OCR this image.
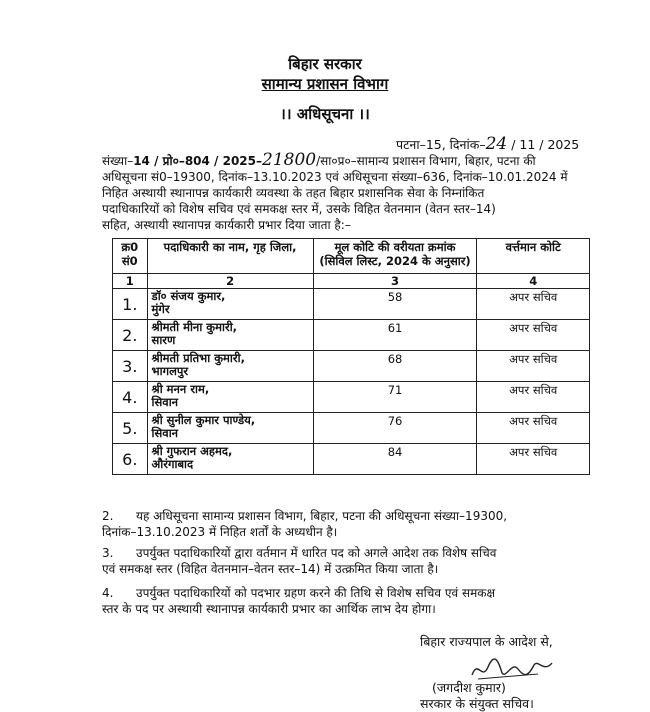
बिहार सरकार
सामान्य प्रशासन विभाग
।। अधिसूचना ।।
पटना–15, दिनांक–24 / 11 / 2025
संख्या–14 / प्रो०–804 / 2025–21800/सा०प्र०–सामान्य प्रशासन विभाग, बिहार, पटना की
अधिसूचना सं0–19300, दिनांक–13.10.2023 एवं अधिसूचना संख्या–636, दिनांक–10.01.2024 में
निहित अस्थायी स्थानापन्न कार्यकारी व्यवस्था के तहत बिहार प्रशासनिक सेवा के निम्नांकित
पदाधिकारियों को विशेष सचिव एवं समकक्ष स्तर में, उसके विहित वेतनमान (वेतन स्तर–14)
सहित, अस्थायी स्थानापन्न कार्यकारी प्रभार दिया जाता है:–
क्र0 सं0	पदाधिकारी का नाम, गृह जिला,	मूल कोटि की वरीयता क्रमांक (सिविल लिस्ट, 2024 के अनुसार)	वर्त्तमान कोटि
1	2	3	4
1.	डॉ० संजय कुमार,
मुंगेर	58	अपर सचिव
2.	श्रीमती मीना कुमारी,
सारण	61	अपर सचिव
3.	श्रीमती प्रतिभा कुमारी,
भागलपुर	68	अपर सचिव
4.	श्री मनन राम,
सिवान	71	अपर सचिव
5.	श्री सुनील कुमार पाण्डेय,
सिवान	76	अपर सचिव
6.	श्री गुफरान अहमद,
औरंगाबाद	84	अपर सचिव
2. यह अधिसूचना सामान्य प्रशासन विभाग, बिहार, पटना की अधिसूचना संख्या–19300,
दिनांक–13.10.2023 में निहित शर्तों के अध्यधीन है।
3. उपर्युक्त पदाधिकारियों द्वारा वर्तमान में धारित पद को अगले आदेश तक विशेष सचिव
एवं समकक्ष स्तर (विहित वेतनमान–वेतन स्तर–14) में उत्क्रमित किया जाता है।
4. उपर्युक्त पदाधिकारियों को पदभार ग्रहण करने की तिथि से विशेष सचिव एवं समकक्ष
स्तर के पद पर अस्थायी स्थानापन्न कार्यकारी प्रभार का आर्थिक लाभ देय होगा।
बिहार राज्यपाल के आदेश से,
(जगदीश कुमार)
सरकार के संयुक्त सचिव।
